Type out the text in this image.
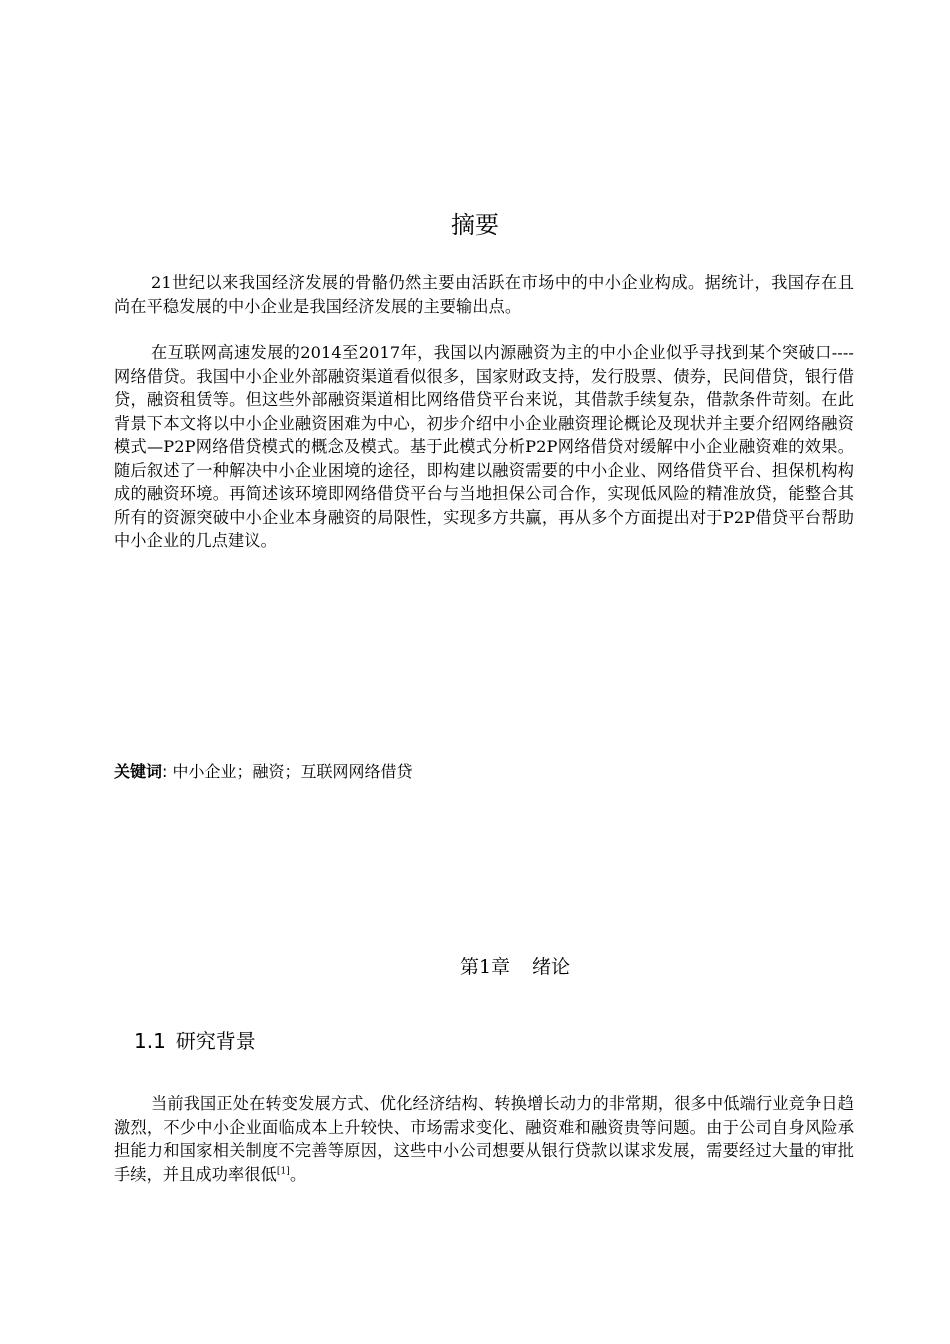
摘要

21世纪以来我国经济发展的骨骼仍然主要由活跃在市场中的中小企业构成。据统计，我国存在且尚在平稳发展的中小企业是我国经济发展的主要输出点。

在互联网高速发展的2014至2017年，我国以内源融资为主的中小企业似乎寻找到某个突破口----网络借贷。我国中小企业外部融资渠道看似很多，国家财政支持，发行股票、债券，民间借贷，银行借贷，融资租赁等。但这些外部融资渠道相比网络借贷平台来说，其借款手续复杂，借款条件苛刻。在此背景下本文将以中小企业融资困难为中心，初步介绍中小企业融资理论概论及现状并主要介绍网络融资模式—P2P网络借贷模式的概念及模式。基于此模式分析P2P网络借贷对缓解中小企业融资难的效果。随后叙述了一种解决中小企业困境的途径，即构建以融资需要的中小企业、网络借贷平台、担保机构构成的融资环境。再简述该环境即网络借贷平台与当地担保公司合作，实现低风险的精准放贷，能整合其所有的资源突破中小企业本身融资的局限性，实现多方共赢，再从多个方面提出对于P2P借贷平台帮助中小企业的几点建议。

关键词: 中小企业；融资；互联网网络借贷
第1章 绪论
1.1 研究背景

当前我国正处在转变发展方式、优化经济结构、转换增长动力的非常期，很多中低端行业竞争日趋激烈，不少中小企业面临成本上升较快、市场需求变化、融资难和融资贵等问题。由于公司自身风险承担能力和国家相关制度不完善等原因，这些中小公司想要从银行贷款以谋求发展，需要经过大量的审批手续，并且成功率很低[1]。
